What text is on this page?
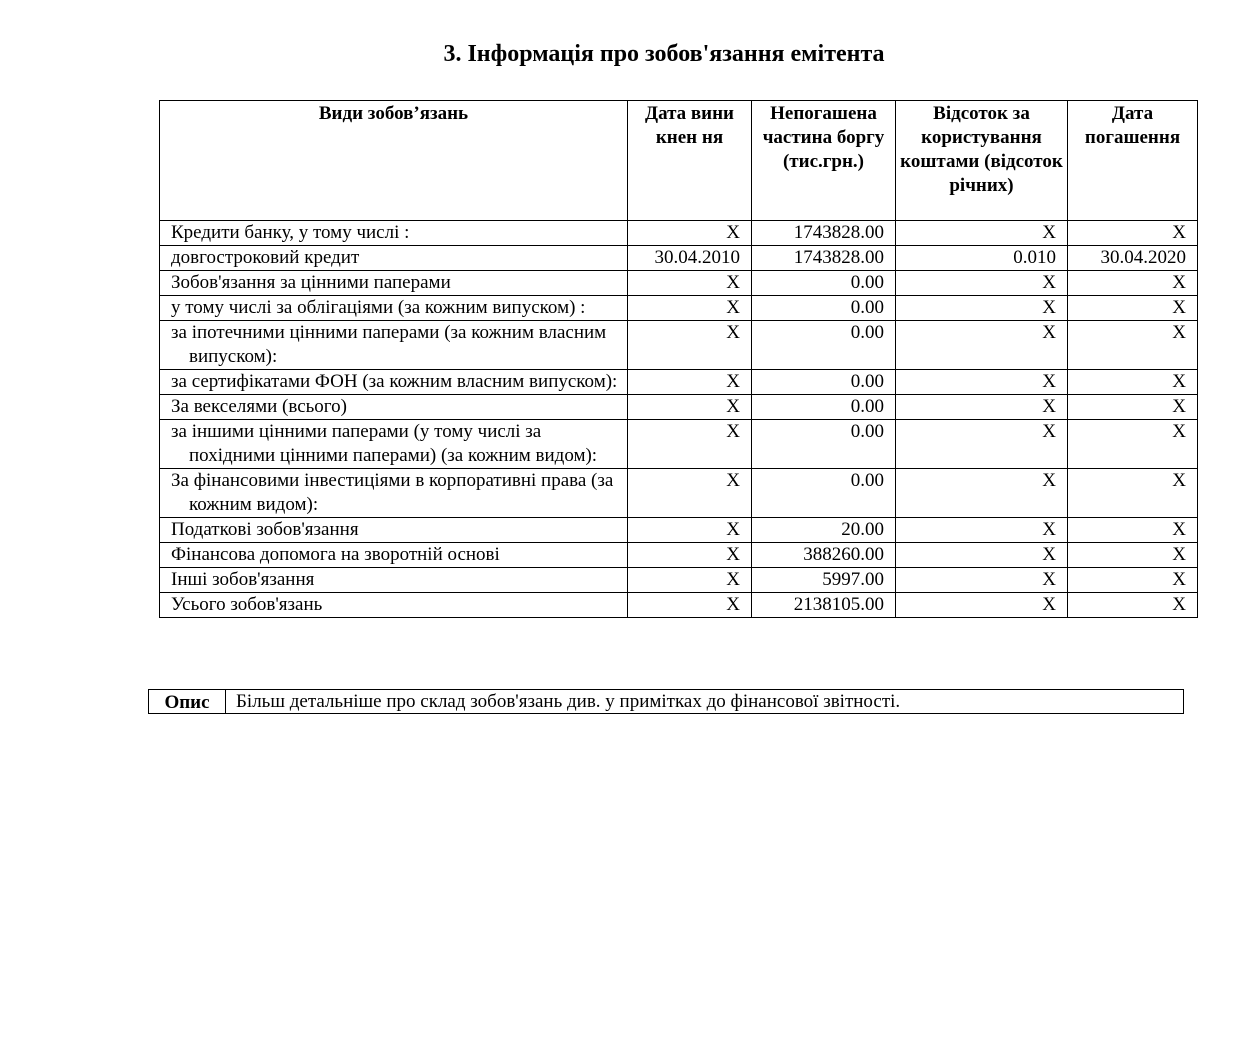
3. Інформація про зобов'язання емітента
Види зобов’язань	Дата виникнен ня	Непогашена частина боргу (тис.грн.)	Відсоток за користування коштами (відсоток річних)	Дата погашення

Кредити банку, у тому числі :	X	1743828.00	X	X

довгостроковий кредит	30.04.2010	1743828.00	0.010	30.04.2020

Зобов'язання за цінними паперами	X	0.00	X	X

у тому числі за облігаціями (за кожним випуском) :	X	0.00	X	X

за іпотечними цінними паперами (за кожним власним випуском):	X	0.00	X	X

за сертифікатами ФОН (за кожним власним випуском):	X	0.00	X	X

За векселями (всього)	X	0.00	X	X

за іншими цінними паперами (у тому числі за похідними цінними паперами) (за кожним видом):	X	0.00	X	X

За фінансовими інвестиціями в корпоративні права (за кожним видом):	X	0.00	X	X

Податкові зобов'язання	X	20.00	X	X

Фінансова допомога на зворотній основі	X	388260.00	X	X

Інші зобов'язання	X	5997.00	X	X

Усього зобов'язань	X	2138105.00	X	X
Опис	Більш детальніше про склад зобов'язань див. у примітках до фінансової звітності.
